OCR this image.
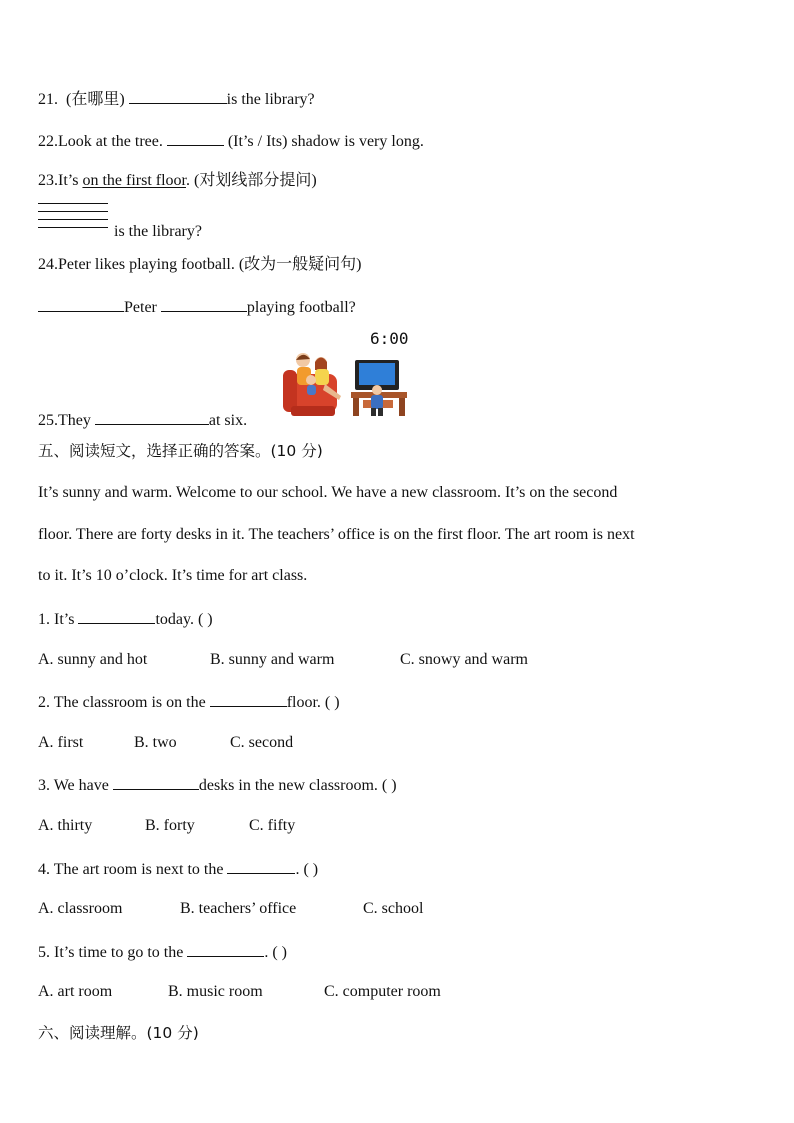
21. (在哪里)	is the library?
22.Look at the tree.	(It’s / Its) shadow is very long.
23.It’s on the first floor. (对划线部分提问)
is the library?
24.Peter likes playing football. (改为一般疑问句)
Peter	playing football?
6:00
25.They	at six.
五、阅读短文，选择正确的答案。(10 分)
It’s sunny and warm. Welcome to our school. We have a new classroom. It’s on the second
floor. There are forty desks in it. The teachers’ office is on the first floor. The art room is next
to it. It’s 10 o’clock. It’s time for art class.
1. It’s	today. ( )
A. sunny and hot	B. sunny and warm	C. snowy and warm
2. The classroom is on the	floor. ( )
A. first	B. two	C. second
3. We have	desks in the new classroom. ( )
A. thirty	B. forty	C. fifty
4. The art room is next to the	. ( )
A. classroom	B. teachers’ office	C. school
5. It’s time to go to the	. ( )
A. art room	B. music room	C. computer room
六、阅读理解。(10 分)
